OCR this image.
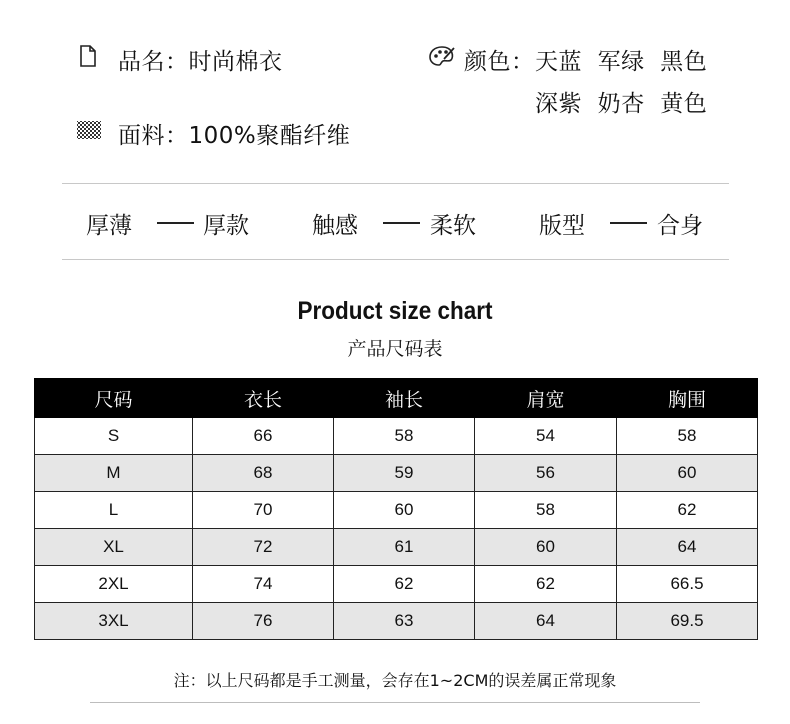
品名：时尚棉衣	颜色： 天蓝  军绿  黑色
深紫  奶杏  黄色
面料：100%聚酯纤维
厚薄	厚款	触感	柔软	版型	合身
Product size chart
产品尺码表
尺码	衣长	袖长	肩宽	胸围
S	66	58	54	58
M	68	59	56	60
L	70	60	58	62
XL	72	61	60	64
2XL	74	62	62	66.5
3XL	76	63	64	69.5
注：以上尺码都是手工测量，会存在1~2CM的误差属正常现象
